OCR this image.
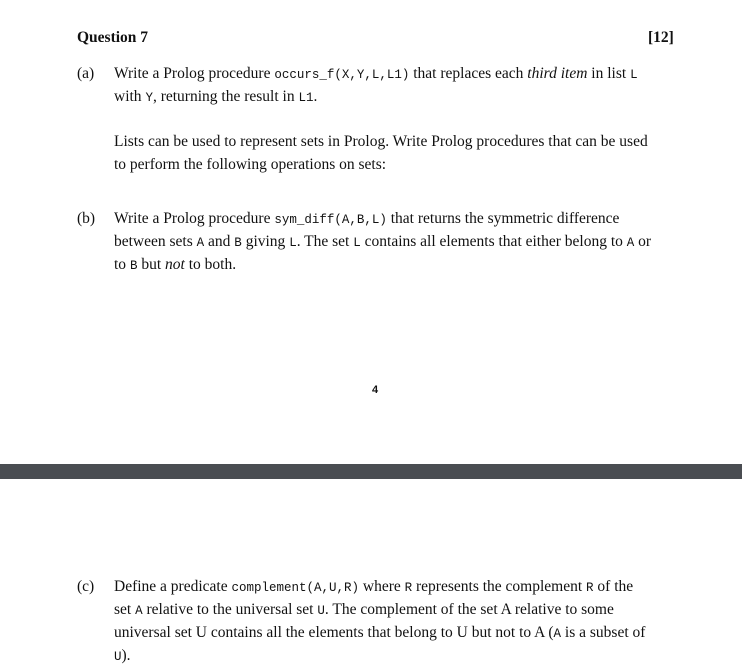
Question 7	[12]
(a) Write a Prolog procedure occurs_f(X,Y,L,L1) that replaces each third item in list L
with Y, returning the result in L1.
Lists can be used to represent sets in Prolog. Write Prolog procedures that can be used
to perform the following operations on sets:
(b) Write a Prolog procedure sym_diff(A,B,L) that returns the symmetric difference
between sets A and B giving L. The set L contains all elements that either belong to A or
to B but not to both.
4
(c) Define a predicate complement(A,U,R) where R represents the complement R of the
set A relative to the universal set U. The complement of the set A relative to some
universal set U contains all the elements that belong to U but not to A (A is a subset of
U).
